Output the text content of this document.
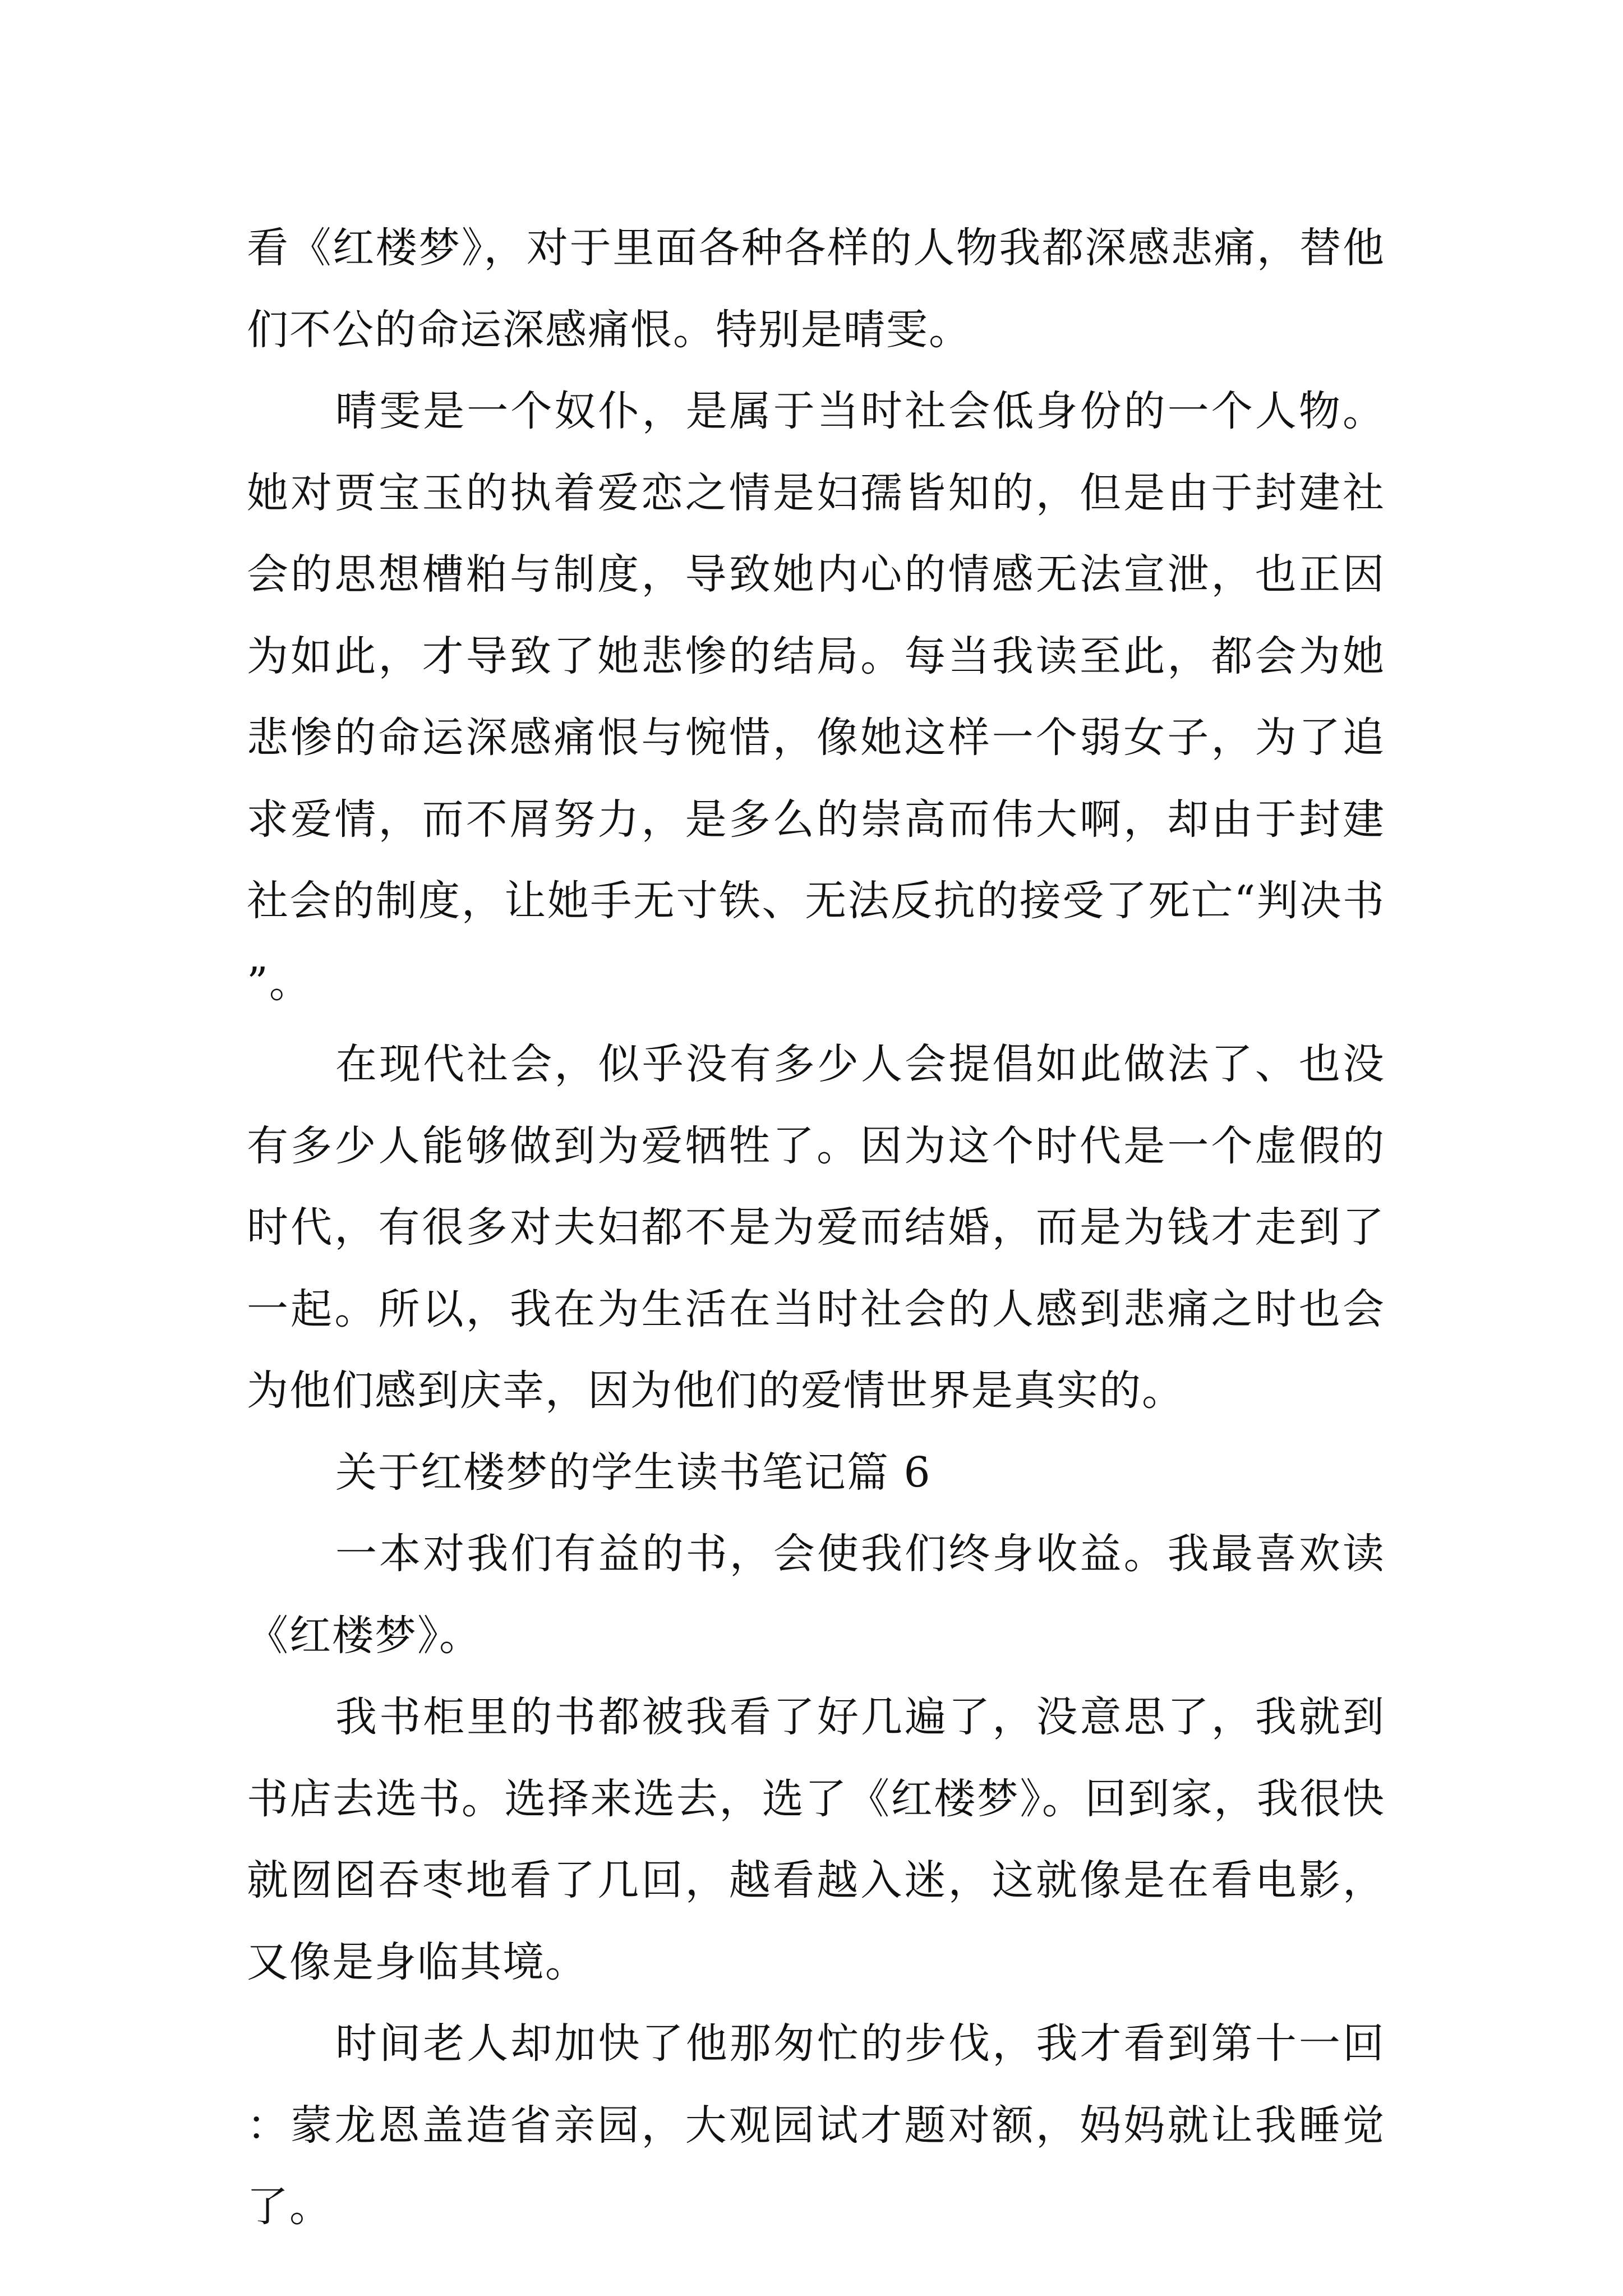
看《红楼梦》，对于里面各种各样的人物我都深感悲痛，替他们不公的命运深感痛恨。特别是晴雯。

晴雯是一个奴仆，是属于当时社会低身份的一个人物。她对贾宝玉的执着爱恋之情是妇孺皆知的，但是由于封建社会的思想槽粕与制度，导致她内心的情感无法宣泄，也正因为如此，才导致了她悲惨的结局。每当我读至此，都会为她悲惨的命运深感痛恨与惋惜，像她这样一个弱女子，为了追求爱情，而不屑努力，是多么的崇高而伟大啊，却由于封建社会的制度，让她手无寸铁、无法反抗的接受了死亡“判决书”。

在现代社会，似乎没有多少人会提倡如此做法了、也没有多少人能够做到为爱牺牲了。因为这个时代是一个虚假的时代，有很多对夫妇都不是为爱而结婚，而是为钱才走到了一起。所以，我在为生活在当时社会的人感到悲痛之时也会为他们感到庆幸，因为他们的爱情世界是真实的。

关于红楼梦的学生读书笔记篇 6

一本对我们有益的书，会使我们终身收益。我最喜欢读《红楼梦》。

我书柜里的书都被我看了好几遍了，没意思了，我就到书店去选书。选择来选去，选了《红楼梦》。回到家，我很快就囫囵吞枣地看了几回，越看越入迷，这就像是在看电影，又像是身临其境。

时间老人却加快了他那匆忙的步伐，我才看到第十一回：蒙龙恩盖造省亲园，大观园试才题对额，妈妈就让我睡觉了。
